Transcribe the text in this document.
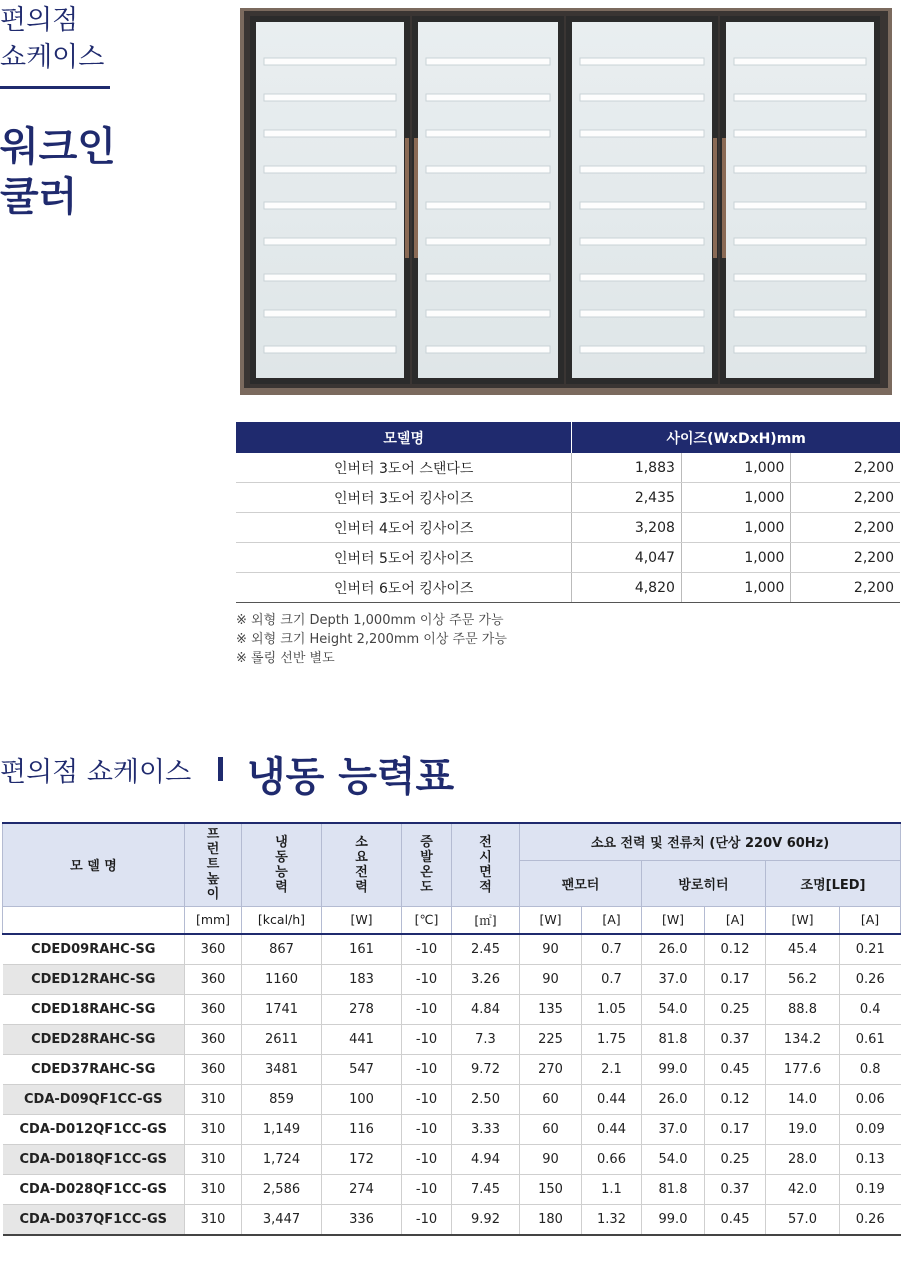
편의점
쇼케이스
워크인
쿨러
모델명	사이즈(WxDxH)mm		
인버터 3도어 스탠다드	1,883	1,000	2,200
인버터 3도어 킹사이즈	2,435	1,000	2,200
인버터 4도어 킹사이즈	3,208	1,000	2,200
인버터 5도어 킹사이즈	4,047	1,000	2,200
인버터 6도어 킹사이즈	4,820	1,000	2,200
※ 외형 크기 Depth 1,000mm 이상 주문 가능
※ 외형 크기 Height 2,200mm 이상 주문 가능
※ 롤링 선반 별도
편의점 쇼케이스 냉동 능력표
모 델 명	프런트높이	냉동능력	소요전력	증발온도	전시면적	소요 전력 및 전류치 (단상 220V 60Hz)					
						팬모터		방로히터		조명[LED]	
	[mm]	[kcal/h]	[W]	[℃]	[㎡]	[W]	[A]	[W]	[A]	[W]	[A]
CDED09RAHC-SG	360	867	161	-10	2.45	90	0.7	26.0	0.12	45.4	0.21
CDED12RAHC-SG	360	1160	183	-10	3.26	90	0.7	37.0	0.17	56.2	0.26
CDED18RAHC-SG	360	1741	278	-10	4.84	135	1.05	54.0	0.25	88.8	0.4
CDED28RAHC-SG	360	2611	441	-10	7.3	225	1.75	81.8	0.37	134.2	0.61
CDED37RAHC-SG	360	3481	547	-10	9.72	270	2.1	99.0	0.45	177.6	0.8
CDA-D09QF1CC-GS	310	859	100	-10	2.50	60	0.44	26.0	0.12	14.0	0.06
CDA-D012QF1CC-GS	310	1,149	116	-10	3.33	60	0.44	37.0	0.17	19.0	0.09
CDA-D018QF1CC-GS	310	1,724	172	-10	4.94	90	0.66	54.0	0.25	28.0	0.13
CDA-D028QF1CC-GS	310	2,586	274	-10	7.45	150	1.1	81.8	0.37	42.0	0.19
CDA-D037QF1CC-GS	310	3,447	336	-10	9.92	180	1.32	99.0	0.45	57.0	0.26
